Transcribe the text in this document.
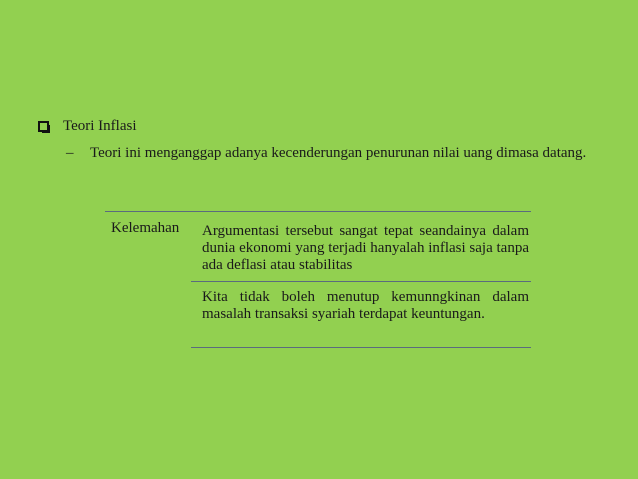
Teori Inflasi
– Teori ini menganggap adanya kecenderungan penurunan nilai uang dimasa datang.
Kelemahan	Argumentasi tersebut sangat tepat seandainya dalam dunia ekonomi yang terjadi hanyalah inflasi saja tanpa ada deflasi atau stabilitas
Kita tidak boleh menutup kemunngkinan dalam masalah transaksi syariah terdapat keuntungan.
